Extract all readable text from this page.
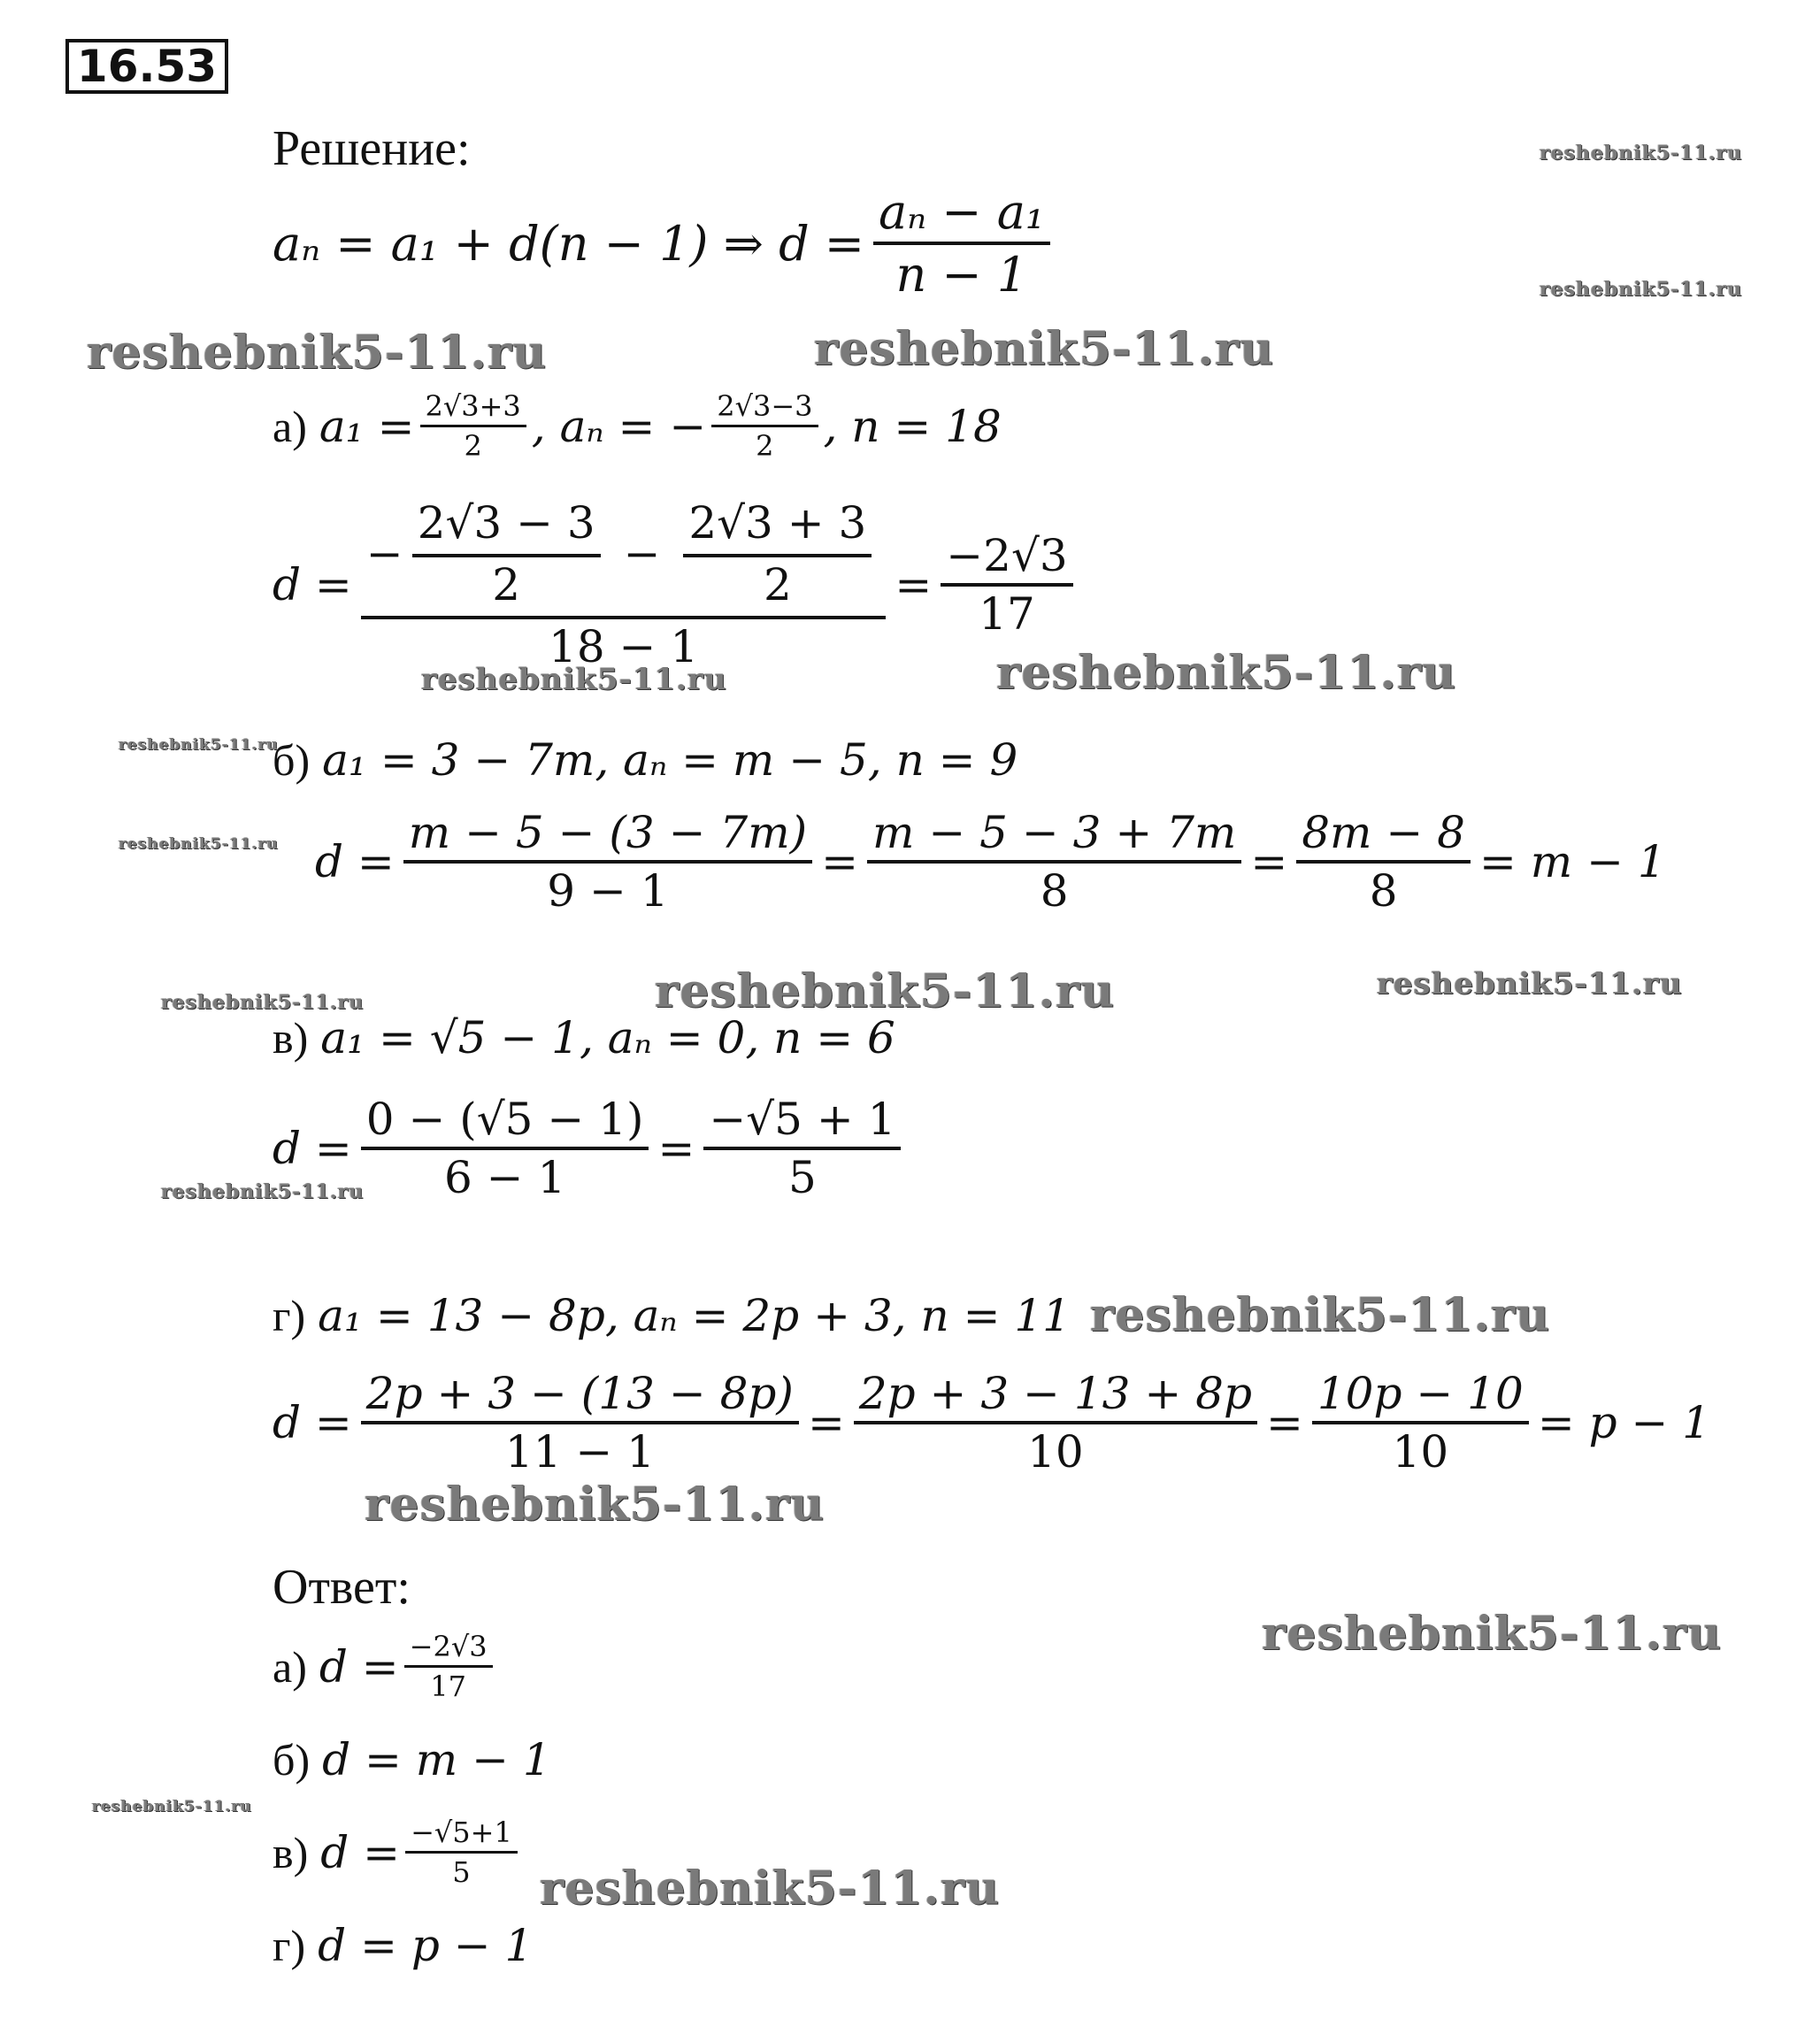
16.53
Решение:
aₙ = a₁ + d(n − 1) ⇒ $d = \frac{\text{aₙ − a₁}}{n - 1}$
а) $a_1 = \frac{2√3+3}{2}$ , aₙ = − $\frac{2√3-3}{2}$ , n = 18
d =
− $\frac{2√3 - 3}{2} - \frac{2√3 + 3}{2}$
18 − 1
= $\frac{-2√3}{17}$
б) a₁ = 3 − 7m, aₙ = m − 5, n = 9
$d = \frac{m - 5 - (3 - 7m)}{9 - 1} = \frac{m - 5 - 3 + 7m}{8} = \frac{8m - 8}{8} = m - 1$
в) a₁ = √5 − 1, aₙ = 0, n = 6
$d = \frac{0 - (√5 - 1)}{6 - 1} = \frac{-√5 + 1}{5}$
г) a₁ = 13 − 8p, aₙ = 2p + 3, n = 11
$d = \frac{2p + 3 - (13 - 8p)}{11 - 1} = \frac{2p + 3 - 13 + 8p}{10} = \frac{10p - 10}{10} = p - 1$
Ответ:
а) $d = \frac{-2√3}{17}$
б) d = m − 1
в) $d = \frac{-√5+1}{5}$
г) d = p − 1
reshebnik5-11.ru
reshebnik5-11.ru
reshebnik5-11.ru	reshebnik5-11.ru
reshebnik5-11.ru	reshebnik5-11.ru
reshebnik5-11.ru
reshebnik5-11.ru
reshebnik5-11.ru	reshebnik5-11.ru	reshebnik5-11.ru
reshebnik5-11.ru
reshebnik5-11.ru
reshebnik5-11.ru
reshebnik5-11.ru
reshebnik5-11.ru
reshebnik5-11.ru
